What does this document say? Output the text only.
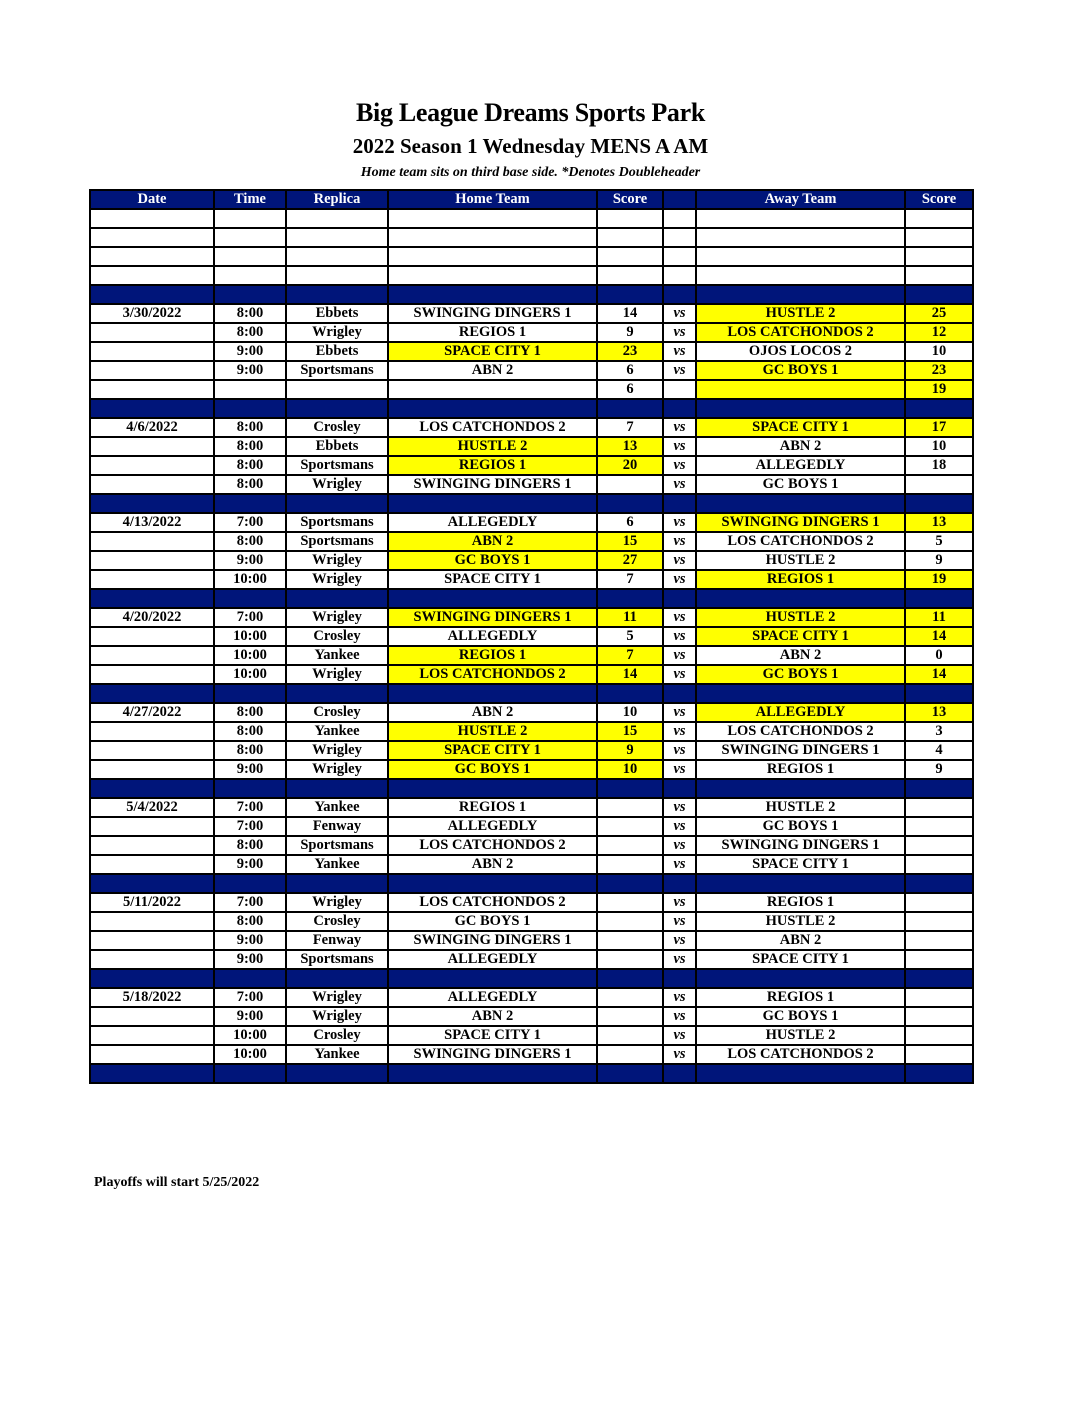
Big League Dreams Sports Park
2022 Season 1 Wednesday MENS A AM
Home team sits on third base side. *Denotes Doubleheader
Date	Time	Replica	Home Team	Score		Away Team	Score

3/30/2022	8:00	Ebbets	SWINGING DINGERS 1	14	vs	HUSTLE 2	25
	8:00	Wrigley	REGIOS 1	9	vs	LOS CATCHONDOS 2	12
	9:00	Ebbets	SPACE CITY 1	23	vs	OJOS LOCOS 2	10
	9:00	Sportsmans	ABN 2	6	vs	GC BOYS 1	23
				6			19

4/6/2022	8:00	Crosley	LOS CATCHONDOS 2	7	vs	SPACE CITY 1	17
	8:00	Ebbets	HUSTLE 2	13	vs	ABN 2	10
	8:00	Sportsmans	REGIOS 1	20	vs	ALLEGEDLY	18
	8:00	Wrigley	SWINGING DINGERS 1		vs	GC BOYS 1	

4/13/2022	7:00	Sportsmans	ALLEGEDLY	6	vs	SWINGING DINGERS 1	13
	8:00	Sportsmans	ABN 2	15	vs	LOS CATCHONDOS 2	5
	9:00	Wrigley	GC BOYS 1	27	vs	HUSTLE 2	9
	10:00	Wrigley	SPACE CITY 1	7	vs	REGIOS 1	19

4/20/2022	7:00	Wrigley	SWINGING DINGERS 1	11	vs	HUSTLE 2	11
	10:00	Crosley	ALLEGEDLY	5	vs	SPACE CITY 1	14
	10:00	Yankee	REGIOS 1	7	vs	ABN 2	0
	10:00	Wrigley	LOS CATCHONDOS 2	14	vs	GC BOYS 1	14

4/27/2022	8:00	Crosley	ABN 2	10	vs	ALLEGEDLY	13
	8:00	Yankee	HUSTLE 2	15	vs	LOS CATCHONDOS 2	3
	8:00	Wrigley	SPACE CITY 1	9	vs	SWINGING DINGERS 1	4
	9:00	Wrigley	GC BOYS 1	10	vs	REGIOS 1	9

5/4/2022	7:00	Yankee	REGIOS 1		vs	HUSTLE 2	
	7:00	Fenway	ALLEGEDLY		vs	GC BOYS 1	
	8:00	Sportsmans	LOS CATCHONDOS 2		vs	SWINGING DINGERS 1	
	9:00	Yankee	ABN 2		vs	SPACE CITY 1	

5/11/2022	7:00	Wrigley	LOS CATCHONDOS 2		vs	REGIOS 1	
	8:00	Crosley	GC BOYS 1		vs	HUSTLE 2	
	9:00	Fenway	SWINGING DINGERS 1		vs	ABN 2	
	9:00	Sportsmans	ALLEGEDLY		vs	SPACE CITY 1	

5/18/2022	7:00	Wrigley	ALLEGEDLY		vs	REGIOS 1	
	9:00	Wrigley	ABN 2		vs	GC BOYS 1	
	10:00	Crosley	SPACE CITY 1		vs	HUSTLE 2	
	10:00	Yankee	SWINGING DINGERS 1		vs	LOS CATCHONDOS 2	

Playoffs will start 5/25/2022
